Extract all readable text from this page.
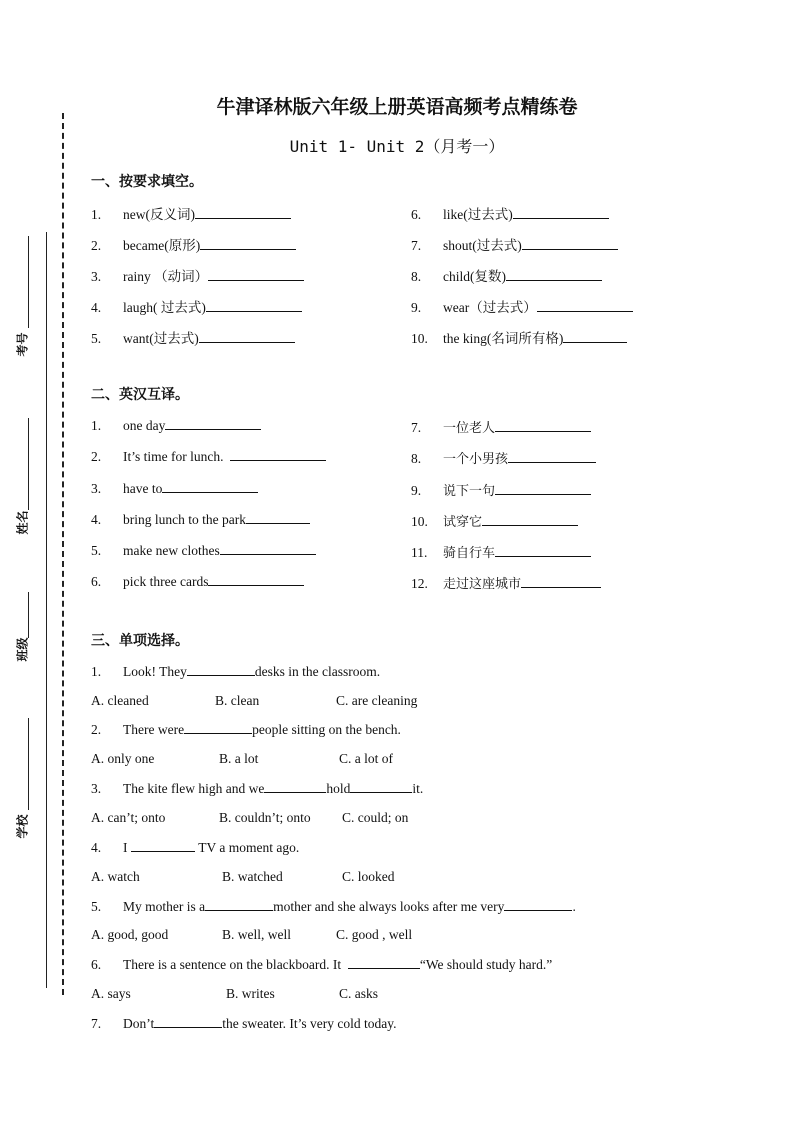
考号
姓名
班级
学校
牛津译林版六年级上册英语高频考点精练卷
Unit 1- Unit 2（月考一）
一、按要求填空。
1. new(反义词)
2. became(原形)
3. rainy （动词）
4. laugh( 过去式)
5. want(过去式)
6. like(过去式)
7. shout(过去式)
8. child(复数)
9. wear（过去式）
10. the king(名词所有格)
二、英汉互译。
1. one day
2. It’s time for lunch.
3. have to
4. bring lunch to the park
5. make new clothes
6. pick three cards
7. 一位老人
8. 一个小男孩
9. 说下一句
10. 试穿它
11. 骑自行车
12. 走过这座城市
三、单项选择。
1. Look! They	desks in the classroom.
A. cleaned	B. clean	C. are cleaning
2. There were	people sitting on the bench.
A. only one	B. a lot	C. a lot of
3. The kite flew high and we	hold	it.
A. can’t; onto	B. couldn’t; onto C. could; on
4. I	TV a moment ago.
A. watch	B. watched	C. looked
5. My mother is a	mother and she always looks after me very	.
A. good, good	B. well, well	C. good , well
6. There is a sentence on the blackboard. It	“We should study hard.”
A. says	B. writes	C. asks
7. Don’t	the sweater. It’s very cold today.
